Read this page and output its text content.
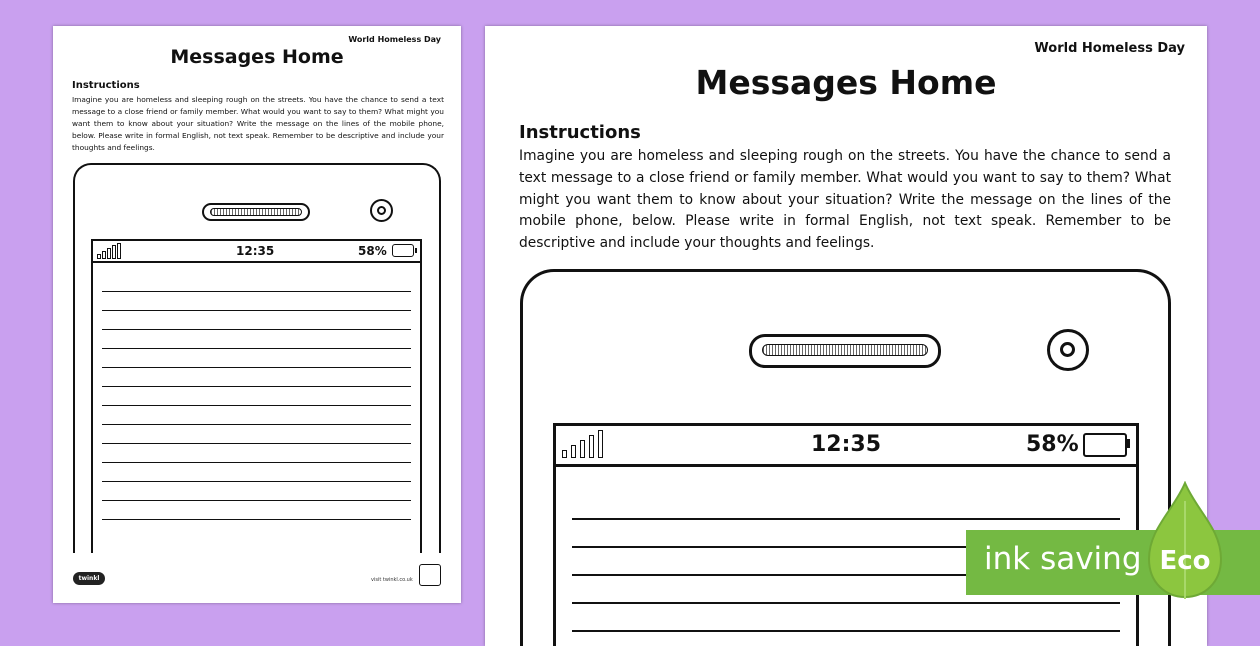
World Homeless Day
Messages Home
Instructions
Imagine you are homeless and sleeping rough on the streets. You have the chance to send a text message to a close friend or family member. What would you want to say to them? What might you want them to know about your situation? Write the message on the lines of the mobile phone, below. Please write in formal English, not text speak. Remember to be descriptive and include your thoughts and feelings.
12:35	58%
twinkl	visit twinkl.co.uk
World Homeless Day
Messages Home
Instructions
Imagine you are homeless and sleeping rough on the streets. You have the chance to send a text message to a close friend or family member. What would you want to say to them? What might you want them to know about your situation? Write the message on the lines of the mobile phone, below. Please write in formal English, not text speak. Remember to be descriptive and include your thoughts and feelings.
12:35	58%
ink saving Eco
